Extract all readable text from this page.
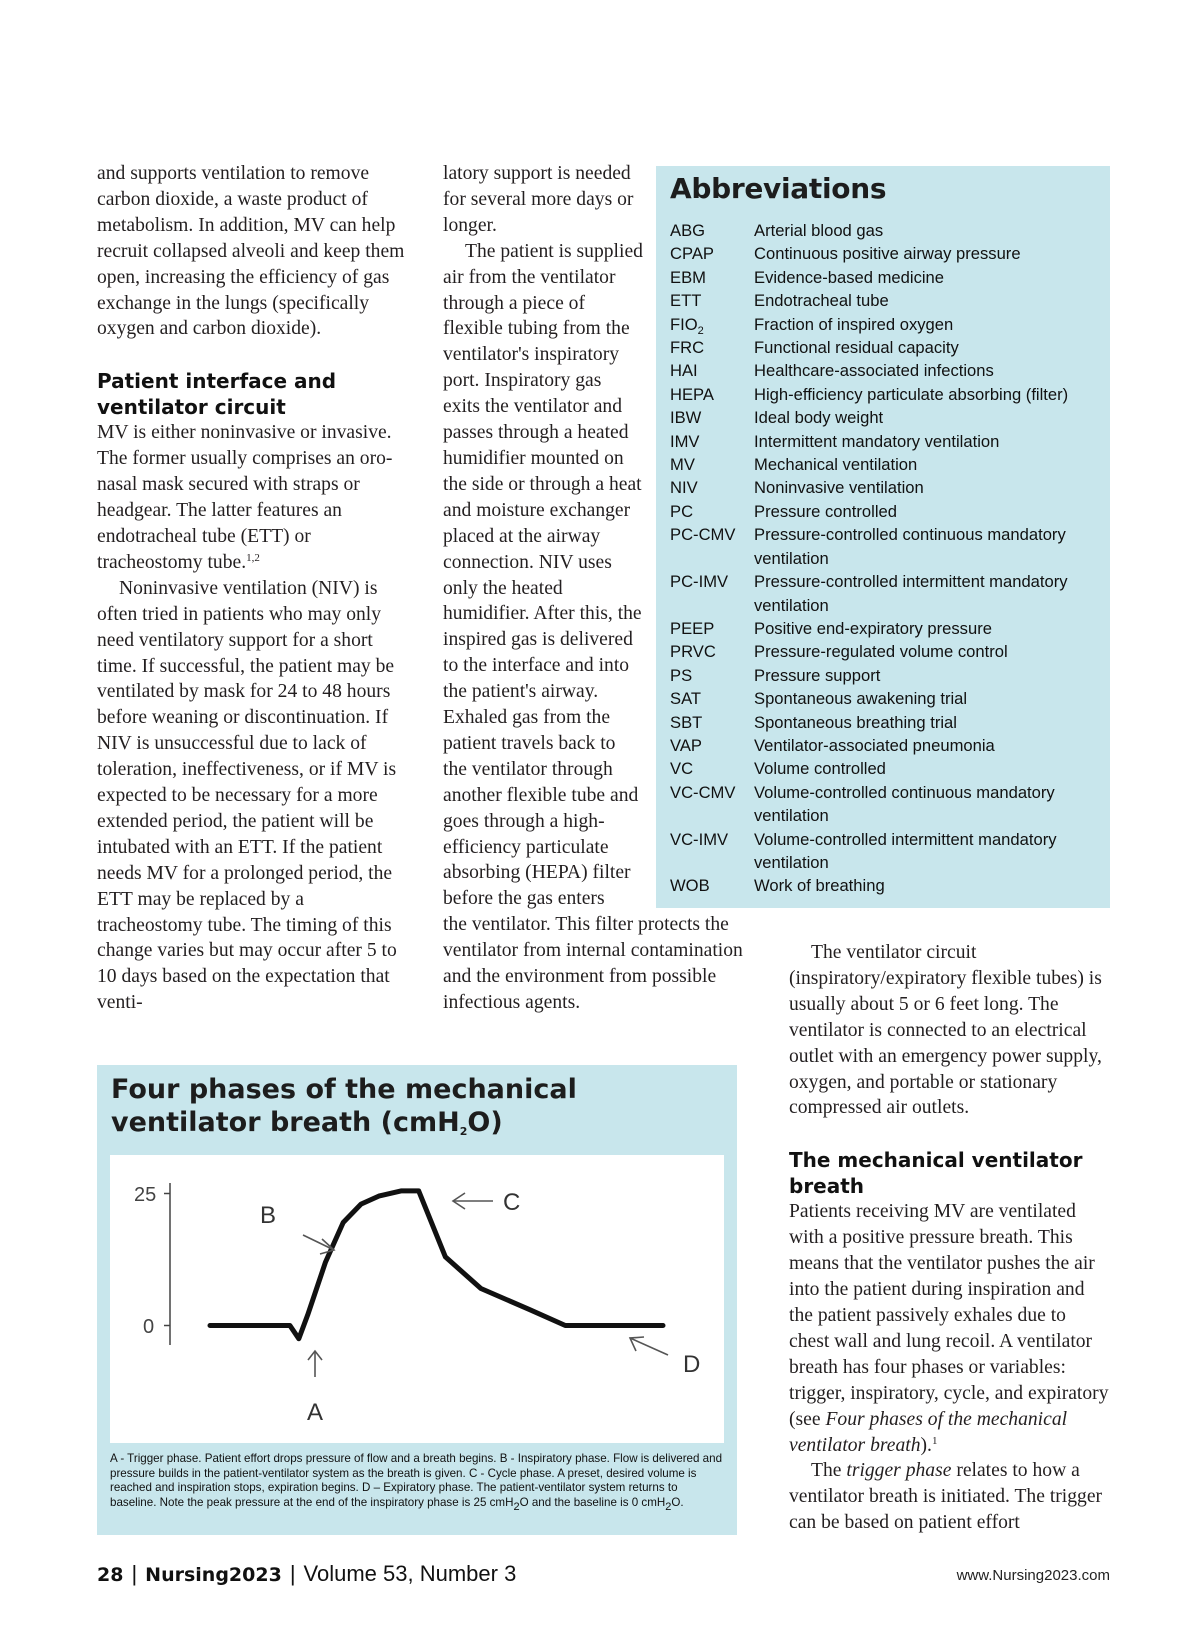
and supports ventilation to remove carbon dioxide, a waste product of metabolism. In addition, MV can help recruit collapsed alveoli and keep them open, increasing the efficiency of gas exchange in the lungs (specifically oxygen and carbon dioxide).

Patient interface and ventilator circuit

MV is either noninvasive or invasive. The former usually comprises an oro-nasal mask secured with straps or headgear. The latter features an endotracheal tube (ETT) or tracheostomy tube.$^{1,2}$

Noninvasive ventilation (NIV) is often tried in patients who may only need ventilatory support for a short time. If successful, the patient may be ventilated by mask for 24 to 48 hours before weaning or discontinuation. If NIV is unsuccessful due to lack of toleration, ineffectiveness, or if MV is expected to be necessary for a more extended period, the patient will be intubated with an ETT. If the patient needs MV for a prolonged period, the ETT may be replaced by a tracheostomy tube. The timing of this change varies but may occur after 5 to 10 days based on the expectation that venti-

latory support is needed for several more days or longer.

The patient is supplied air from the ventilator through a piece of flexible tubing from the ventilator's inspiratory port. Inspiratory gas exits the ventilator and passes through a heated humidifier mounted on the side or through a heat and moisture exchanger placed at the airway connection. NIV uses only the heated humidifier. After this, the inspired gas is delivered to the interface and into the patient's airway. Exhaled gas from the patient travels back to the ventilator through another flexible tube and goes through a high-efficiency particulate absorbing (HEPA) filter before the gas enters

the ventilator. This filter protects the ventilator from internal contamination and the environment from possible infectious agents.

Abbreviations
ABG	Arterial blood gas
CPAP	Continuous positive airway pressure
EBM	Evidence-based medicine
ETT	Endotracheal tube
$FIO_2$	Fraction of inspired oxygen
FRC	Functional residual capacity
HAI	Healthcare-associated infections
HEPA	High-efficiency particulate absorbing (filter)
IBW	Ideal body weight
IMV	Intermittent mandatory ventilation
MV	Mechanical ventilation
NIV	Noninvasive ventilation
PC	Pressure controlled
PC-CMV	Pressure-controlled continuous mandatory ventilation
PC-IMV	Pressure-controlled intermittent mandatory ventilation
PEEP	Positive end-expiratory pressure
PRVC	Pressure-regulated volume control
PS	Pressure support
SAT	Spontaneous awakening trial
SBT	Spontaneous breathing trial
VAP	Ventilator-associated pneumonia
VC	Volume controlled
VC-CMV	Volume-controlled continuous mandatory ventilation
VC-IMV	Volume-controlled intermittent mandatory ventilation
WOB	Work of breathing

The ventilator circuit (inspiratory/expiratory flexible tubes) is usually about 5 or 6 feet long. The ventilator is connected to an electrical outlet with an emergency power supply, oxygen, and portable or stationary compressed air outlets.

The mechanical ventilator breath

Patients receiving MV are ventilated with a positive pressure breath. This means that the ventilator pushes the air into the patient during inspiration and the patient passively exhales due to chest wall and lung recoil. A ventilator breath has four phases or variables: trigger, inspiratory, cycle, and expiratory (see Four phases of the mechanical ventilator breath).$^1$

The trigger phase relates to how a ventilator breath is initiated. The trigger can be based on patient effort

Four phases of the mechanical ventilator breath (cmH$_2$O)
25
0
B	C
D
A

A - Trigger phase. Patient effort drops pressure of flow and a breath begins. B - Inspiratory phase. Flow is delivered and pressure builds in the patient-ventilator system as the breath is given. C - Cycle phase. A preset, desired volume is reached and inspiration stops, expiration begins. D – Expiratory phase. The patient-ventilator system returns to baseline. Note the peak pressure at the end of the inspiratory phase is 25 cmH$_2$O and the baseline is 0 cmH$_2$O.

28 | Nursing2023 | Volume 53, Number 3	www.Nursing2023.com
